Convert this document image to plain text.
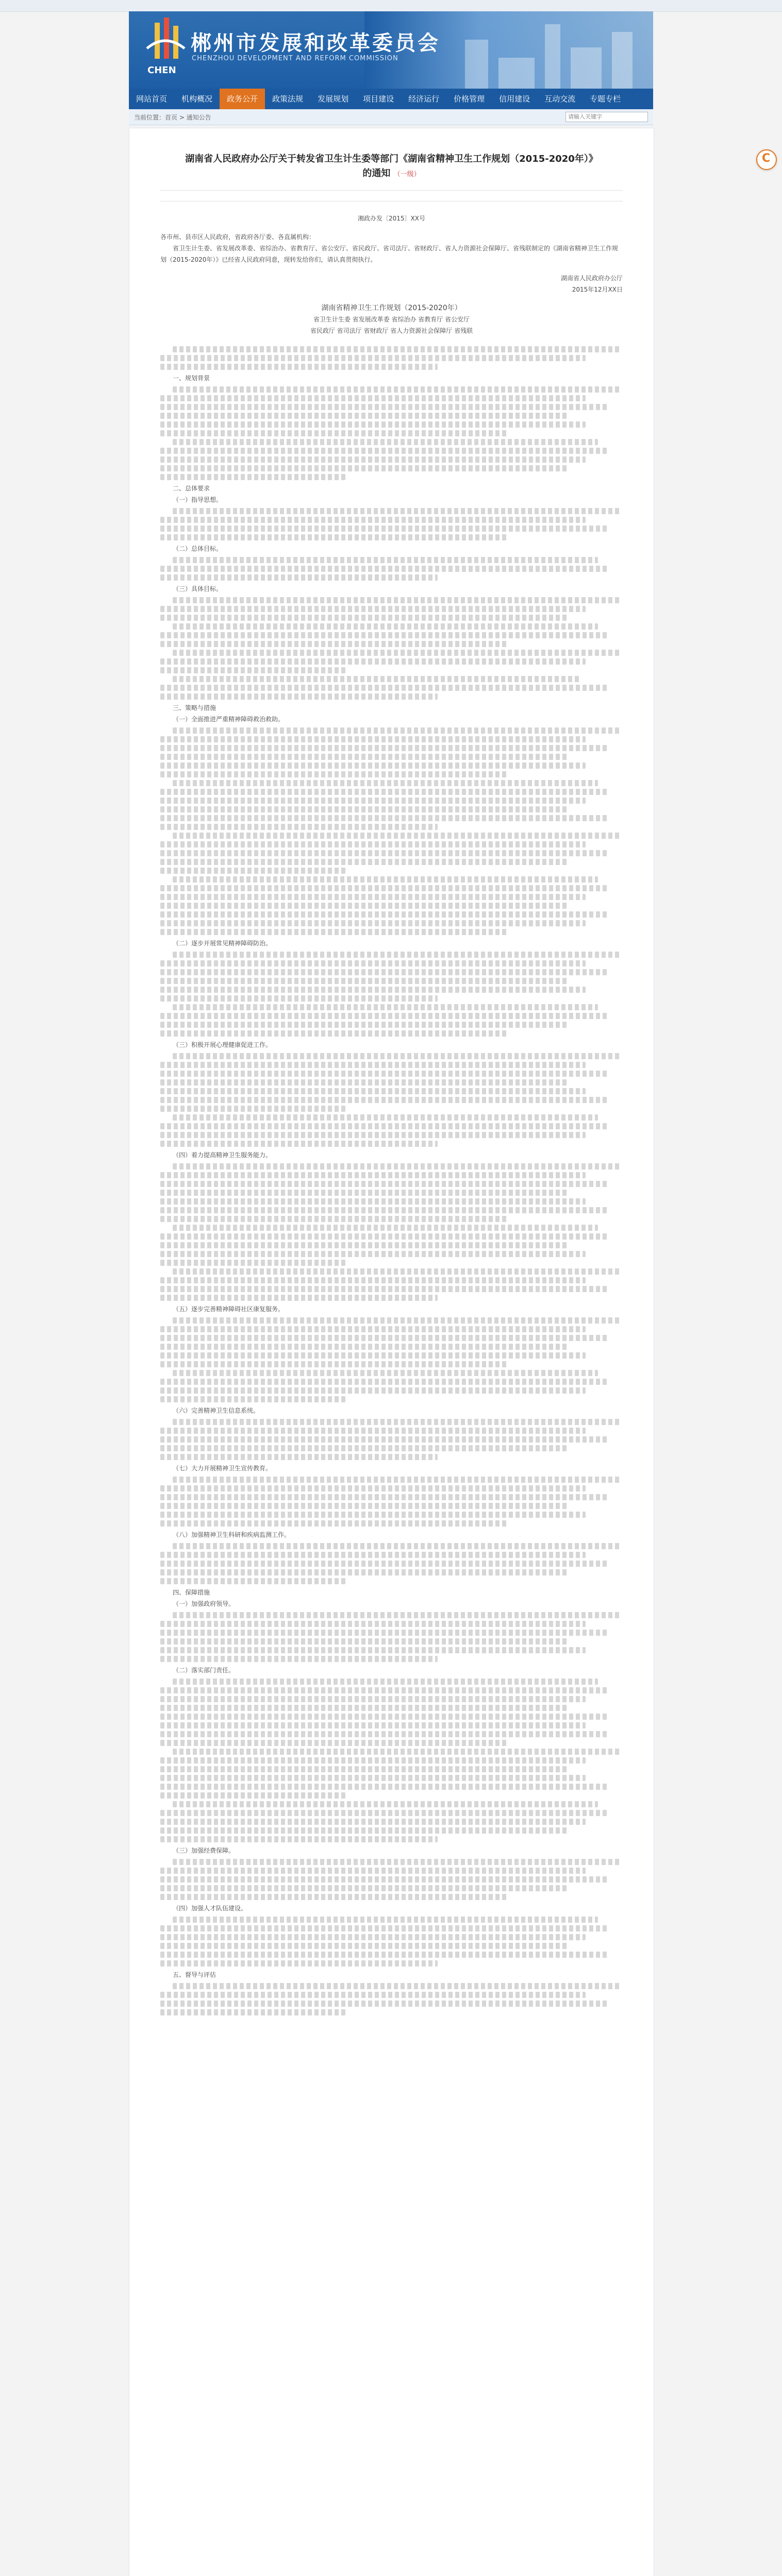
CHEN
郴州市发展和改革委员会
CHENZHOU DEVELOPMENT AND REFORM COMMISSION
网站首页	机构概况	政务公开	政策法规	发展规划	项目建设	经济运行	价格管理	信用建设	互动交流	专题专栏
当前位置：首页 > 通知公告
请输入关键字
湖南省人民政府办公厅关于转发省卫生计生委等部门《湖南省精神卫生工作规划（2015-2020年）》的通知 （一级）

湘政办发〔2015〕XX号

各市州、县市区人民政府，省政府各厅委、各直属机构：

省卫生计生委、省发展改革委、省综治办、省教育厅、省公安厅、省民政厅、省司法厅、省财政厅、省人力资源社会保障厅、省残联制定的《湖南省精神卫生工作规划（2015-2020年）》已经省人民政府同意，现转发给你们，请认真贯彻执行。

湖南省人民政府办公厅

2015年12月XX日

湖南省精神卫生工作规划（2015-2020年）

省卫生计生委 省发展改革委 省综治办 省教育厅 省公安厅

省民政厅 省司法厅 省财政厅 省人力资源社会保障厅 省残联

一、规划背景

二、总体要求

（一）指导思想。

（二）总体目标。

（三）具体目标。

三、策略与措施

（一）全面推进严重精神障碍救治救助。

（二）逐步开展常见精神障碍防治。

（三）积极开展心理健康促进工作。

（四）着力提高精神卫生服务能力。

（五）逐步完善精神障碍社区康复服务。

（六）完善精神卫生信息系统。

（七）大力开展精神卫生宣传教育。

（八）加强精神卫生科研和疾病监测工作。

四、保障措施

（一）加强政府领导。

（二）落实部门责任。

（三）加强经费保障。

（四）加强人才队伍建设。

五、督导与评估

C
